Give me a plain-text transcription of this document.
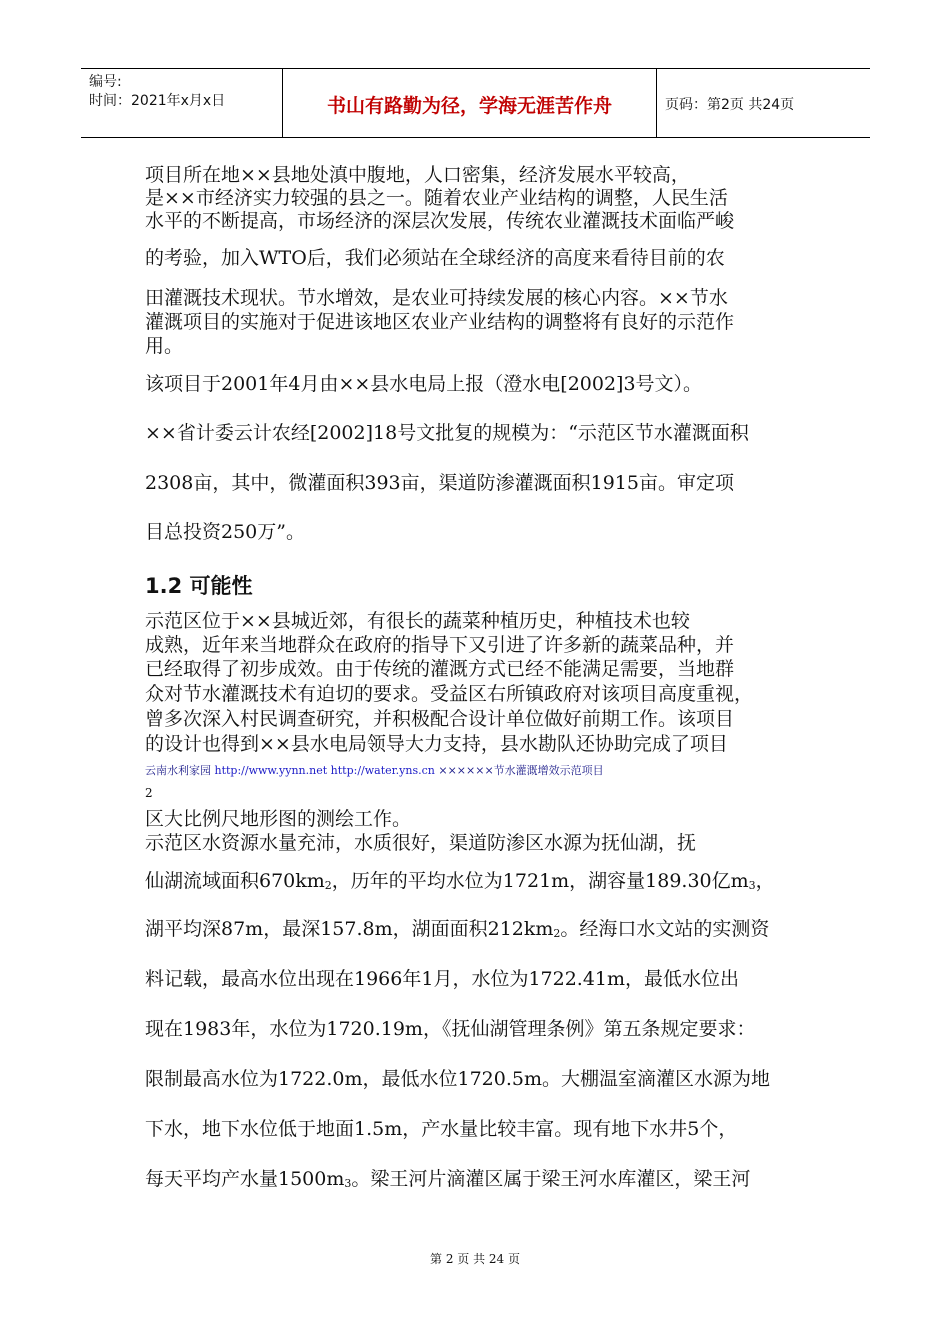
编号:
时间：2021年x月x日	书山有路勤为径，学海无涯苦作舟	页码：第2页 共24页
项目所在地××县地处滇中腹地，人口密集，经济发展水平较高，
是××市经济实力较强的县之一。随着农业产业结构的调整，人民生活
水平的不断提高，市场经济的深层次发展，传统农业灌溉技术面临严峻
的考验，加入WTO后，我们必须站在全球经济的高度来看待目前的农
田灌溉技术现状。节水增效，是农业可持续发展的核心内容。××节水
灌溉项目的实施对于促进该地区农业产业结构的调整将有良好的示范作
用。
该项目于2001年4月由××县水电局上报（澄水电[2002]3号文）。
××省计委云计农经[2002]18号文批复的规模为：“示范区节水灌溉面积
2308亩，其中，微灌面积393亩，渠道防渗灌溉面积1915亩。审定项
目总投资250万”。
1.2 可能性
示范区位于××县城近郊，有很长的蔬菜种植历史，种植技术也较
成熟，近年来当地群众在政府的指导下又引进了许多新的蔬菜品种，并
已经取得了初步成效。由于传统的灌溉方式已经不能满足需要，当地群
众对节水灌溉技术有迫切的要求。受益区右所镇政府对该项目高度重视，
曾多次深入村民调查研究，并积极配合设计单位做好前期工作。该项目
的设计也得到××县水电局领导大力支持，县水勘队还协助完成了项目
云南水利家园 http://www.yynn.net http://water.yns.cn ××××××节水灌溉增效示范项目
2
区大比例尺地形图的测绘工作。
示范区水资源水量充沛，水质很好，渠道防渗区水源为抚仙湖，抚
仙湖流域面积$670km_2$，历年的平均水位为1721m，湖容量189.30亿$m_3$，
湖平均深87m，最深157.8m，湖面面积$212km_2$。经海口水文站的实测资
料记载，最高水位出现在1966年1月，水位为1722.41m，最低水位出
现在1983年，水位为1720.19m，《抚仙湖管理条例》第五条规定要求：
限制最高水位为1722.0m，最低水位1720.5m。大棚温室滴灌区水源为地
下水，地下水位低于地面1.5m，产水量比较丰富。现有地下水井5个，
每天平均产水量$1500m_3$。梁王河片滴灌区属于梁王河水库灌区，梁王河
第 2 页 共 24 页
